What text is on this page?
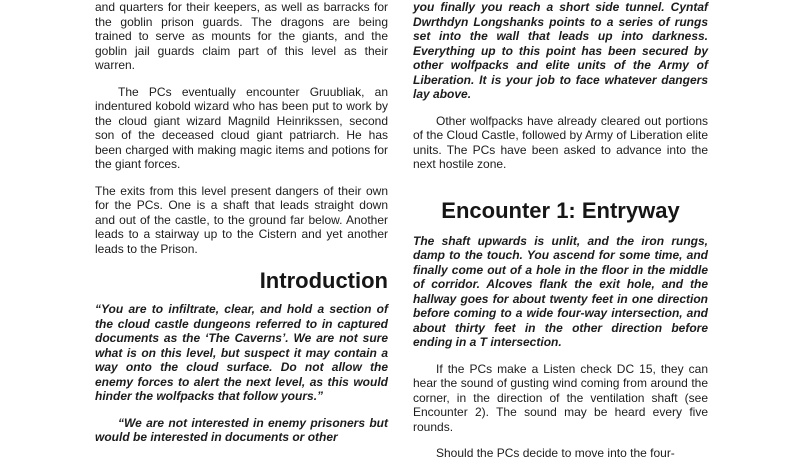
and quarters for their keepers, as well as barracks for the goblin prison guards. The dragons are being trained to serve as mounts for the giants, and the goblin jail guards claim part of this level as their warren.

The PCs eventually encounter Gruubliak, an indentured kobold wizard who has been put to work by the cloud giant wizard Magnild Heinrikssen, second son of the deceased cloud giant patriarch. He has been charged with making magic items and potions for the giant forces.

The exits from this level present dangers of their own for the PCs. One is a shaft that leads straight down and out of the castle, to the ground far below. Another leads to a stairway up to the Cistern and yet another leads to the Prison.

Introduction

“You are to infiltrate, clear, and hold a section of the cloud castle dungeons referred to in captured documents as the ‘The Caverns’. We are not sure what is on this level, but suspect it may contain a way onto the cloud surface. Do not allow the enemy forces to alert the next level, as this would hinder the wolfpacks that follow yours.”

“We are not interested in enemy prisoners but would be interested in documents or other

you finally you reach a short side tunnel. Cyntaf Dwrthdyn Longshanks points to a series of rungs set into the wall that leads up into darkness. Everything up to this point has been secured by other wolfpacks and elite units of the Army of Liberation. It is your job to face whatever dangers lay above.

Other wolfpacks have already cleared out portions of the Cloud Castle, followed by Army of Liberation elite units. The PCs have been asked to advance into the next hostile zone.

Encounter 1: Entryway

The shaft upwards is unlit, and the iron rungs, damp to the touch. You ascend for some time, and finally come out of a hole in the floor in the middle of corridor. Alcoves flank the exit hole, and the hallway goes for about twenty feet in one direction before coming to a wide four-way intersection, and about thirty feet in the other direction before ending in a T intersection.

If the PCs make a Listen check DC 15, they can hear the sound of gusting wind coming from around the corner, in the direction of the ventilation shaft (see Encounter 2). The sound may be heard every five rounds.

Should the PCs decide to move into the four-
